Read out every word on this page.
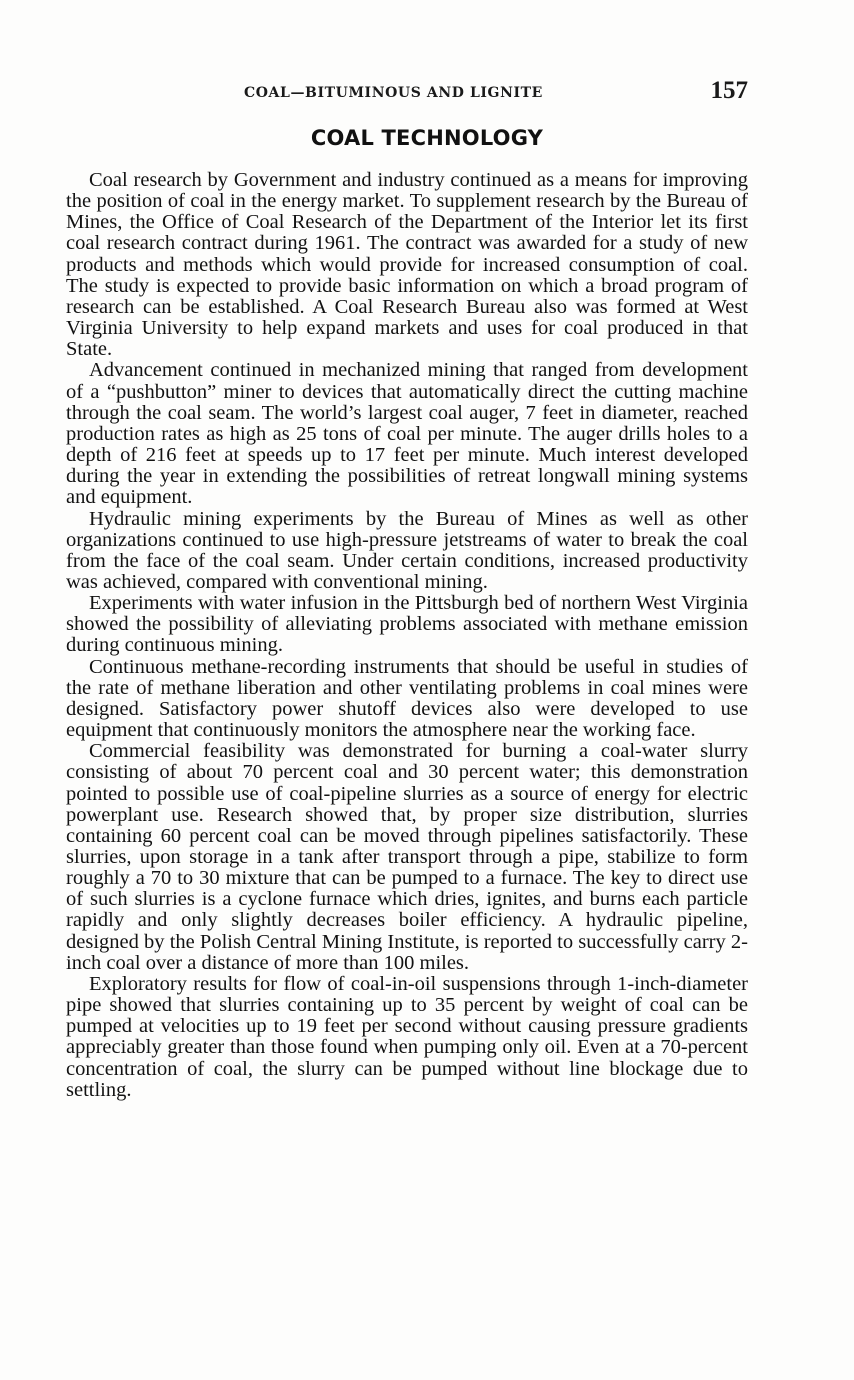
COAL—BITUMINOUS AND LIGNITE	157
COAL TECHNOLOGY

Coal research by Government and industry continued as a means for improving the position of coal in the energy market. To supplement research by the Bureau of Mines, the Office of Coal Research of the Department of the Interior let its first coal research contract during 1961. The contract was awarded for a study of new products and methods which would provide for increased consumption of coal. The study is expected to provide basic information on which a broad program of research can be established. A Coal Research Bureau also was formed at West Virginia University to help expand markets and uses for coal produced in that State.

Advancement continued in mechanized mining that ranged from development of a “pushbutton” miner to devices that automatically direct the cutting machine through the coal seam. The world’s largest coal auger, 7 feet in diameter, reached production rates as high as 25 tons of coal per minute. The auger drills holes to a depth of 216 feet at speeds up to 17 feet per minute. Much interest developed during the year in extending the possibilities of retreat longwall mining systems and equipment.

Hydraulic mining experiments by the Bureau of Mines as well as other organizations continued to use high-pressure jetstreams of water to break the coal from the face of the coal seam. Under certain conditions, increased productivity was achieved, compared with conventional mining.

Experiments with water infusion in the Pittsburgh bed of northern West Virginia showed the possibility of alleviating problems associated with methane emission during continuous mining.

Continuous methane-recording instruments that should be useful in studies of the rate of methane liberation and other ventilating problems in coal mines were designed. Satisfactory power shutoff devices also were developed to use equipment that continuously monitors the atmosphere near the working face.

Commercial feasibility was demonstrated for burning a coal-water slurry consisting of about 70 percent coal and 30 percent water; this demonstration pointed to possible use of coal-pipeline slurries as a source of energy for electric powerplant use. Research showed that, by proper size distribution, slurries containing 60 percent coal can be moved through pipelines satisfactorily. These slurries, upon storage in a tank after transport through a pipe, stabilize to form roughly a 70 to 30 mixture that can be pumped to a furnace. The key to direct use of such slurries is a cyclone furnace which dries, ignites, and burns each particle rapidly and only slightly decreases boiler efficiency. A hydraulic pipeline, designed by the Polish Central Mining Institute, is reported to successfully carry 2-inch coal over a distance of more than 100 miles.

Exploratory results for flow of coal-in-oil suspensions through 1-inch-diameter pipe showed that slurries containing up to 35 percent by weight of coal can be pumped at velocities up to 19 feet per second without causing pressure gradients appreciably greater than those found when pumping only oil. Even at a 70-percent concentration of coal, the slurry can be pumped without line blockage due to settling.
